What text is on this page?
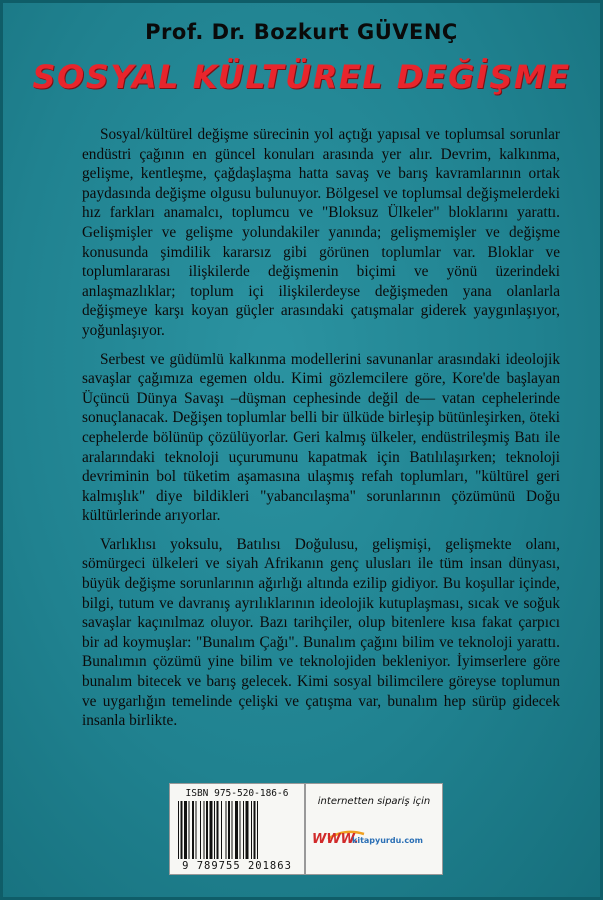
Prof. Dr. Bozkurt GÜVENÇ
SOSYAL KÜLTÜREL DEĞİŞME

Sosyal/kültürel değişme sürecinin yol açtığı yapısal ve toplumsal sorunlar endüstri çağının en güncel konuları arasında yer alır. Devrim, kalkınma, gelişme, kentleşme, çağdaşlaşma hatta savaş ve barış kavramlarının ortak paydasında değişme olgusu bulunuyor. Bölgesel ve toplumsal değişmelerdeki hız farkları anamalcı, toplumcu ve "Bloksuz Ülkeler" bloklarını yarattı. Gelişmişler ve gelişme yolundakiler yanında; gelişmemişler ve değişme konusunda şimdilik kararsız gibi görünen toplumlar var. Bloklar ve toplumlararası ilişkilerde değişmenin biçimi ve yönü üzerindeki anlaşmazlıklar; toplum içi ilişkilerdeyse değişmeden yana olanlarla değişmeye karşı koyan güçler arasındaki çatışmalar giderek yaygınlaşıyor, yoğunlaşıyor.

Serbest ve güdümlü kalkınma modellerini savunanlar arasındaki ideolojik savaşlar çağımıza egemen oldu. Kimi gözlemcilere göre, Kore'de başlayan Üçüncü Dünya Savaşı –düşman cephesinde değil de— vatan cephelerinde sonuçlanacak. Değişen toplumlar belli bir ülküde birleşip bütünleşirken, öteki cephelerde bölünüp çözülüyorlar. Geri kalmış ülkeler, endüstrileşmiş Batı ile aralarındaki teknoloji uçurumunu kapatmak için Batılılaşırken; teknoloji devriminin bol tüketim aşamasına ulaşmış refah toplumları, "kültürel geri kalmışlık" diye bildikleri "yabancılaşma" sorunlarının çözümünü Doğu kültürlerinde arıyorlar.

Varlıklısı yoksulu, Batılısı Doğulusu, gelişmişi, gelişmekte olanı, sömürgeci ülkeleri ve siyah Afrikanın genç ulusları ile tüm insan dünyası, büyük değişme sorunlarının ağırlığı altında ezilip gidiyor. Bu koşullar içinde, bilgi, tutum ve davranış ayrılıklarının ideolojik kutuplaşması, sıcak ve soğuk savaşlar kaçınılmaz oluyor. Bazı tarihçiler, olup bitenlere kısa fakat çarpıcı bir ad koymuşlar: "Bunalım Çağı". Bunalım çağını bilim ve teknoloji yarattı. Bunalımın çözümü yine bilim ve teknolojiden bekleniyor. İyimserlere göre bunalım bitecek ve barış gelecek. Kimi sosyal bilimcilere göreyse toplumun ve uygarlığın temelinde çelişki ve çatışma var, bunalım hep sürüp gidecek insanla birlikte.

ISBN 975-520-186-6
9 789755 201863
internetten sipariş için
WWW.
kitapyurdu.com
